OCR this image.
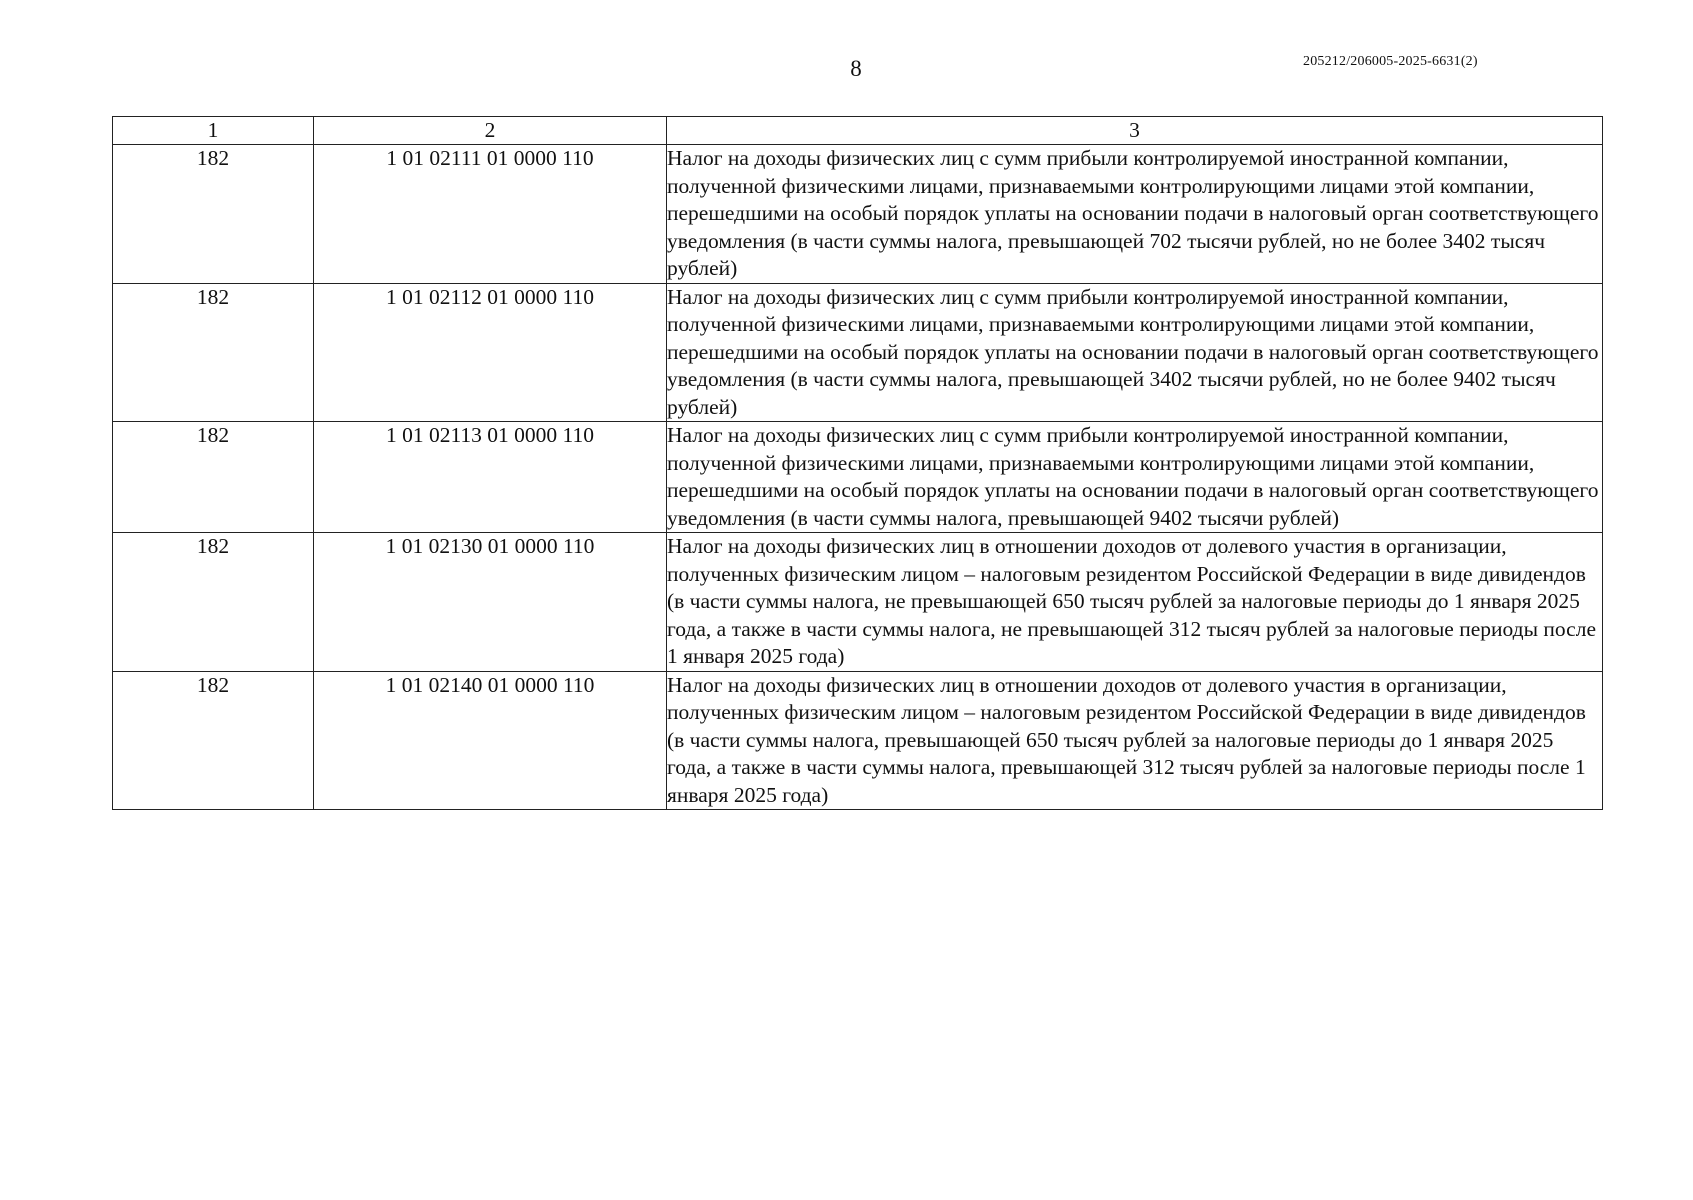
8	205212/206005-2025-6631(2)
1	2	3
182	1 01 02111 01 0000 110	Налог на доходы физических лиц с сумм прибыли контролируемой иностранной компании, полученной физическими лицами, признаваемыми контролирующими лицами этой компании, перешедшими на особый порядок уплаты на основании подачи в налоговый орган соответствующего уведомления (в части суммы налога, превышающей 702 тысячи рублей, но не более 3402 тысяч рублей)
182	1 01 02112 01 0000 110	Налог на доходы физических лиц с сумм прибыли контролируемой иностранной компании, полученной физическими лицами, признаваемыми контролирующими лицами этой компании, перешедшими на особый порядок уплаты на основании подачи в налоговый орган соответствующего уведомления (в части суммы налога, превышающей 3402 тысячи рублей, но не более 9402 тысяч рублей)
182	1 01 02113 01 0000 110	Налог на доходы физических лиц с сумм прибыли контролируемой иностранной компании, полученной физическими лицами, признаваемыми контролирующими лицами этой компании, перешедшими на особый порядок уплаты на основании подачи в налоговый орган соответствующего уведомления (в части суммы налога, превышающей 9402 тысячи рублей)
182	1 01 02130 01 0000 110	Налог на доходы физических лиц в отношении доходов от долевого участия в организации, полученных физическим лицом – налоговым резидентом Российской Федерации в виде дивидендов (в части суммы налога, не превышающей 650 тысяч рублей за налоговые периоды до 1 января 2025 года, а также в части суммы налога, не превышающей 312 тысяч рублей за налоговые периоды после 1 января 2025 года)
182	1 01 02140 01 0000 110	Налог на доходы физических лиц в отношении доходов от долевого участия в организации, полученных физическим лицом – налоговым резидентом Российской Федерации в виде дивидендов (в части суммы налога, превышающей 650 тысяч рублей за налоговые периоды до 1 января 2025 года, а также в части суммы налога, превышающей 312 тысяч рублей за налоговые периоды после 1 января 2025 года)
